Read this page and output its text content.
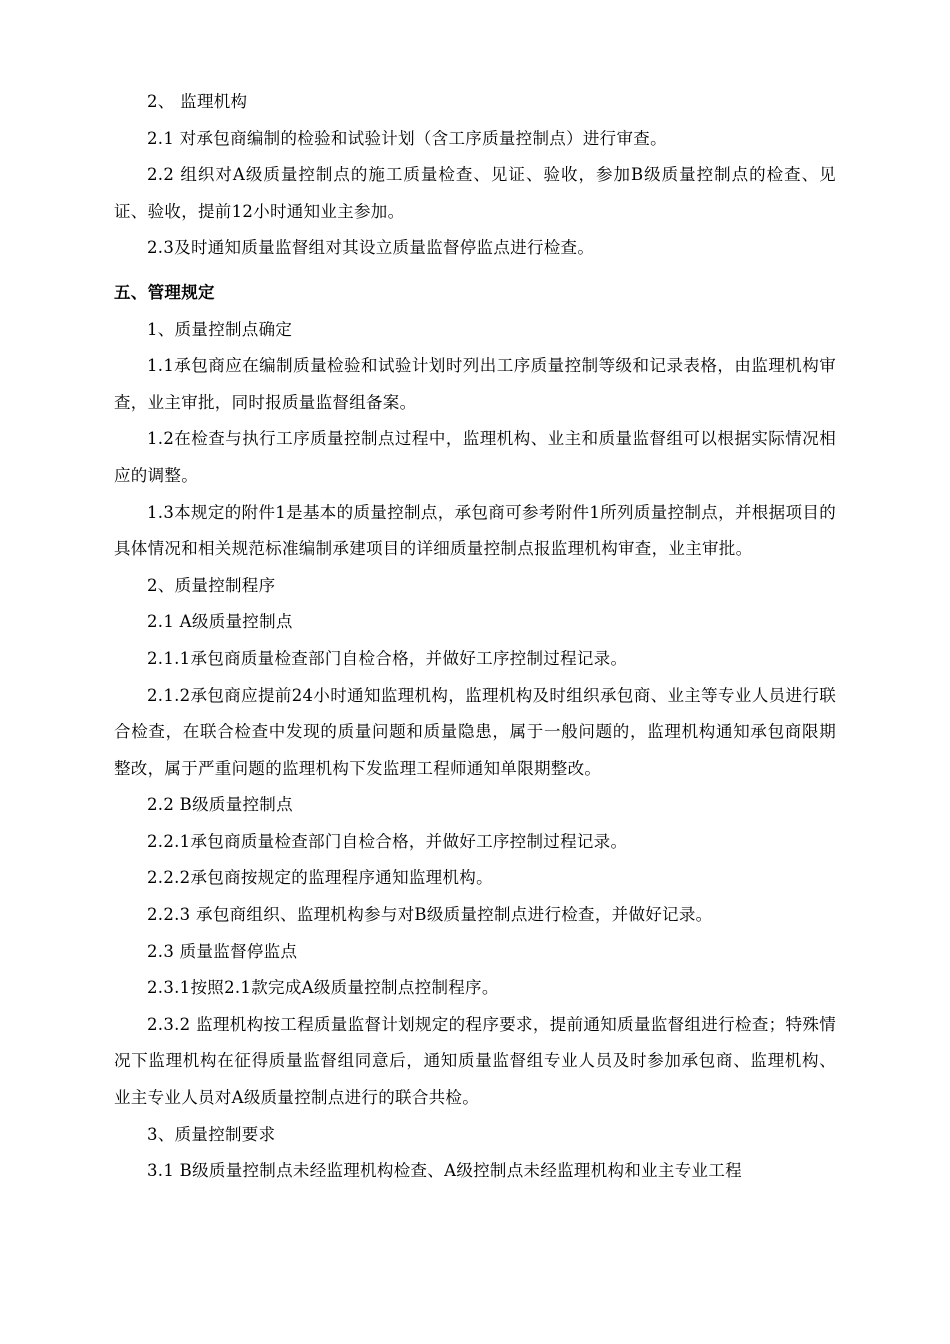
2、 监理机构

2.1 对承包商编制的检验和试验计划（含工序质量控制点）进行审查。

2.2 组织对A级质量控制点的施工质量检查、见证、验收，参加B级质量控制点的检查、见证、验收，提前12小时通知业主参加。

2.3及时通知质量监督组对其设立质量监督停监点进行检查。

五、管理规定

1、质量控制点确定

1.1承包商应在编制质量检验和试验计划时列出工序质量控制等级和记录表格，由监理机构审查，业主审批，同时报质量监督组备案。

1.2在检查与执行工序质量控制点过程中，监理机构、业主和质量监督组可以根据实际情况相应的调整。

1.3本规定的附件1是基本的质量控制点，承包商可参考附件1所列质量控制点，并根据项目的具体情况和相关规范标准编制承建项目的详细质量控制点报监理机构审查，业主审批。

2、质量控制程序

2.1 A级质量控制点

2.1.1承包商质量检查部门自检合格，并做好工序控制过程记录。

2.1.2承包商应提前24小时通知监理机构，监理机构及时组织承包商、业主等专业人员进行联合检查，在联合检查中发现的质量问题和质量隐患，属于一般问题的，监理机构通知承包商限期整改，属于严重问题的监理机构下发监理工程师通知单限期整改。

2.2 B级质量控制点

2.2.1承包商质量检查部门自检合格，并做好工序控制过程记录。

2.2.2承包商按规定的监理程序通知监理机构。

2.2.3 承包商组织、监理机构参与对B级质量控制点进行检查，并做好记录。

2.3 质量监督停监点

2.3.1按照2.1款完成A级质量控制点控制程序。

2.3.2 监理机构按工程质量监督计划规定的程序要求，提前通知质量监督组进行检查；特殊情况下监理机构在征得质量监督组同意后，通知质量监督组专业人员及时参加承包商、监理机构、业主专业人员对A级质量控制点进行的联合共检。

3、质量控制要求

3.1 B级质量控制点未经监理机构检查、A级控制点未经监理机构和业主专业工程
